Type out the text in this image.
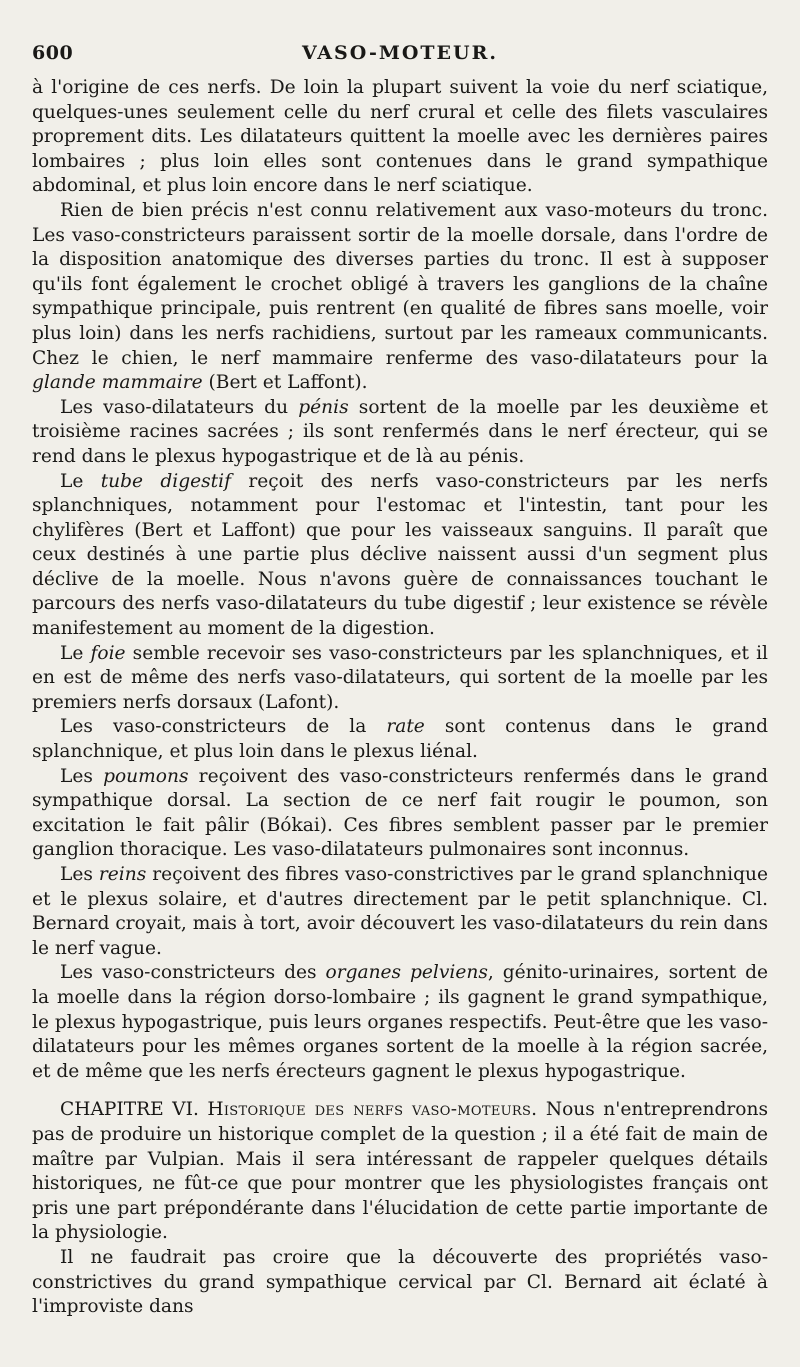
600	VASO-MOTEUR.

à l'origine de ces nerfs. De loin la plupart suivent la voie du nerf sciatique, quelques-unes seulement celle du nerf crural et celle des filets vasculaires proprement dits. Les dilatateurs quittent la moelle avec les dernières paires lombaires ; plus loin elles sont contenues dans le grand sympathique abdominal, et plus loin encore dans le nerf sciatique.

Rien de bien précis n'est connu relativement aux vaso-moteurs du tronc. Les vaso-constricteurs paraissent sortir de la moelle dorsale, dans l'ordre de la disposition anatomique des diverses parties du tronc. Il est à supposer qu'ils font également le crochet obligé à travers les ganglions de la chaîne sympathique principale, puis rentrent (en qualité de fibres sans moelle, voir plus loin) dans les nerfs rachidiens, surtout par les rameaux communicants. Chez le chien, le nerf mammaire renferme des vaso-dilatateurs pour la glande mammaire (Bert et Laffont).

Les vaso-dilatateurs du pénis sortent de la moelle par les deuxième et troisième racines sacrées ; ils sont renfermés dans le nerf érecteur, qui se rend dans le plexus hypogastrique et de là au pénis.

Le tube digestif reçoit des nerfs vaso-constricteurs par les nerfs splanchniques, notamment pour l'estomac et l'intestin, tant pour les chylifères (Bert et Laffont) que pour les vaisseaux sanguins. Il paraît que ceux destinés à une partie plus déclive naissent aussi d'un segment plus déclive de la moelle. Nous n'avons guère de connaissances touchant le parcours des nerfs vaso-dilatateurs du tube digestif ; leur existence se révèle manifestement au moment de la digestion.

Le foie semble recevoir ses vaso-constricteurs par les splanchniques, et il en est de même des nerfs vaso-dilatateurs, qui sortent de la moelle par les premiers nerfs dorsaux (Lafont).

Les vaso-constricteurs de la rate sont contenus dans le grand splanchnique, et plus loin dans le plexus liénal.

Les poumons reçoivent des vaso-constricteurs renfermés dans le grand sympathique dorsal. La section de ce nerf fait rougir le poumon, son excitation le fait pâlir (Bókai). Ces fibres semblent passer par le premier ganglion thoracique. Les vaso-dilatateurs pulmonaires sont inconnus.

Les reins reçoivent des fibres vaso-constrictives par le grand splanchnique et le plexus solaire, et d'autres directement par le petit splanchnique. Cl. Bernard croyait, mais à tort, avoir découvert les vaso-dilatateurs du rein dans le nerf vague.

Les vaso-constricteurs des organes pelviens, génito-urinaires, sortent de la moelle dans la région dorso-lombaire ; ils gagnent le grand sympathique, le plexus hypogastrique, puis leurs organes respectifs. Peut-être que les vaso-dilatateurs pour les mêmes organes sortent de la moelle à la région sacrée, et de même que les nerfs érecteurs gagnent le plexus hypogastrique.

CHAPITRE VI. Historique des nerfs vaso-moteurs. Nous n'entreprendrons pas de produire un historique complet de la question ; il a été fait de main de maître par Vulpian. Mais il sera intéressant de rappeler quelques détails historiques, ne fût-ce que pour montrer que les physiologistes français ont pris une part prépondérante dans l'élucidation de cette partie importante de la physiologie.

Il ne faudrait pas croire que la découverte des propriétés vaso-constrictives du grand sympathique cervical par Cl. Bernard ait éclaté à l'improviste dans
